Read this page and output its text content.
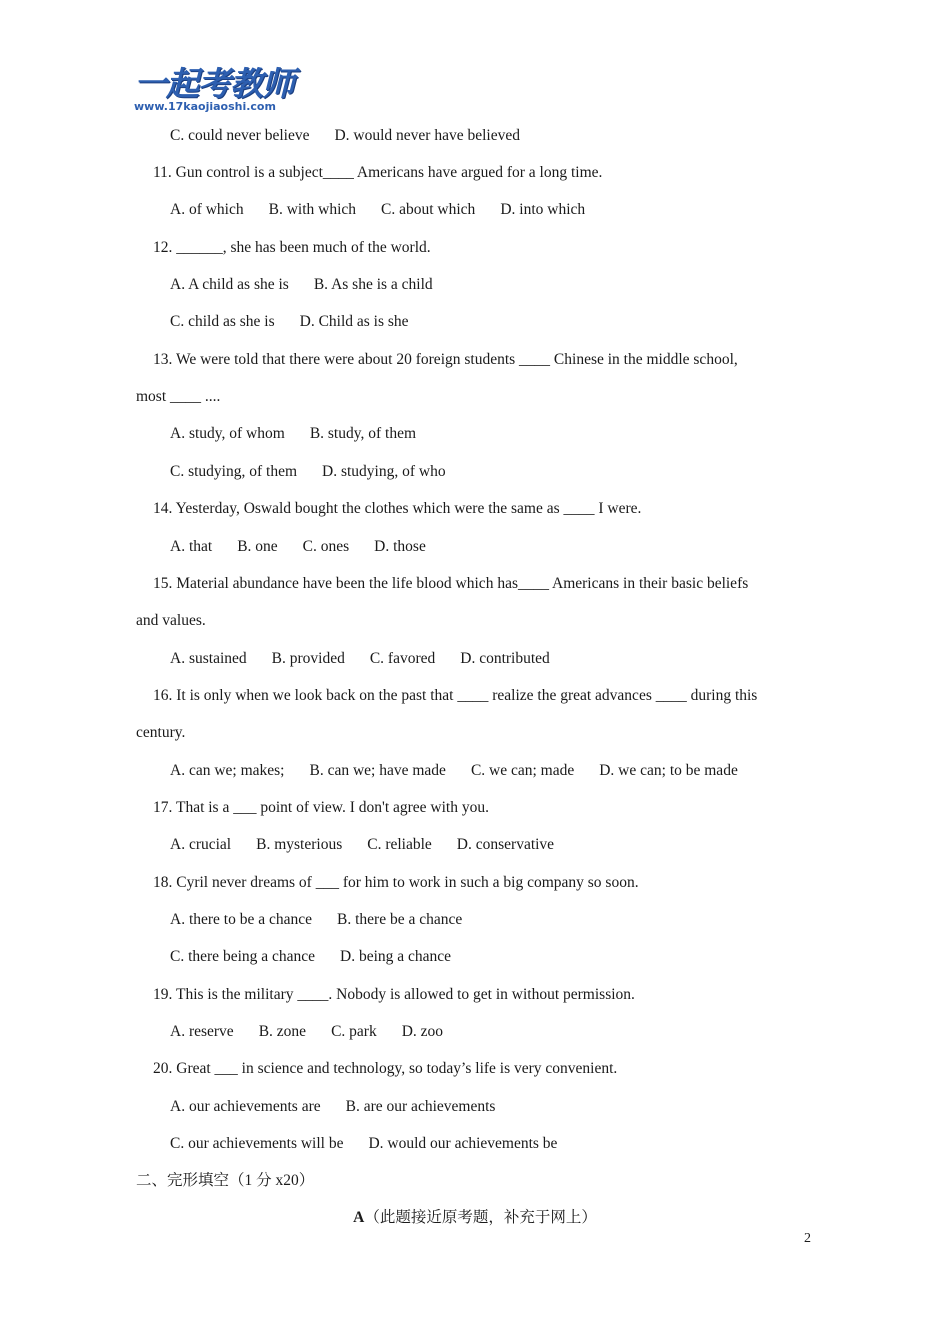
一起考教师
www.17kaojiaoshi.com
C. could never believe D. would never have believed
11. Gun control is a subject____ Americans have argued for a long time.
A. of which B. with which C. about which D. into which
12. ______, she has been much of the world.
A. A child as she is B. As she is a child
C. child as she is D. Child as is she
13. We were told that there were about 20 foreign students ____ Chinese in the middle school,
most ____ ....
A. study, of whom B. study, of them
C. studying, of them D. studying, of who
14. Yesterday, Oswald bought the clothes which were the same as ____ I were.
A. that B. one C. ones D. those
15. Material abundance have been the life blood which has____ Americans in their basic beliefs
and values.
A. sustained B. provided C. favored D. contributed
16. It is only when we look back on the past that ____ realize the great advances ____ during this
century.
A. can we; makes; B. can we; have made C. we can; made D. we can; to be made
17. That is a ___ point of view. I don't agree with you.
A. crucial B. mysterious C. reliable D. conservative
18. Cyril never dreams of ___ for him to work in such a big company so soon.
A. there to be a chance B. there be a chance
C. there being a chance D. being a chance
19. This is the military ____. Nobody is allowed to get in without permission.
A. reserve B. zone C. park D. zoo
20. Great ___ in science and technology, so today’s life is very convenient.
A. our achievements are B. are our achievements
C. our achievements will be D. would our achievements be
二、完形填空（1 分 x20）
A（此题接近原考题，补充于网上）
2
